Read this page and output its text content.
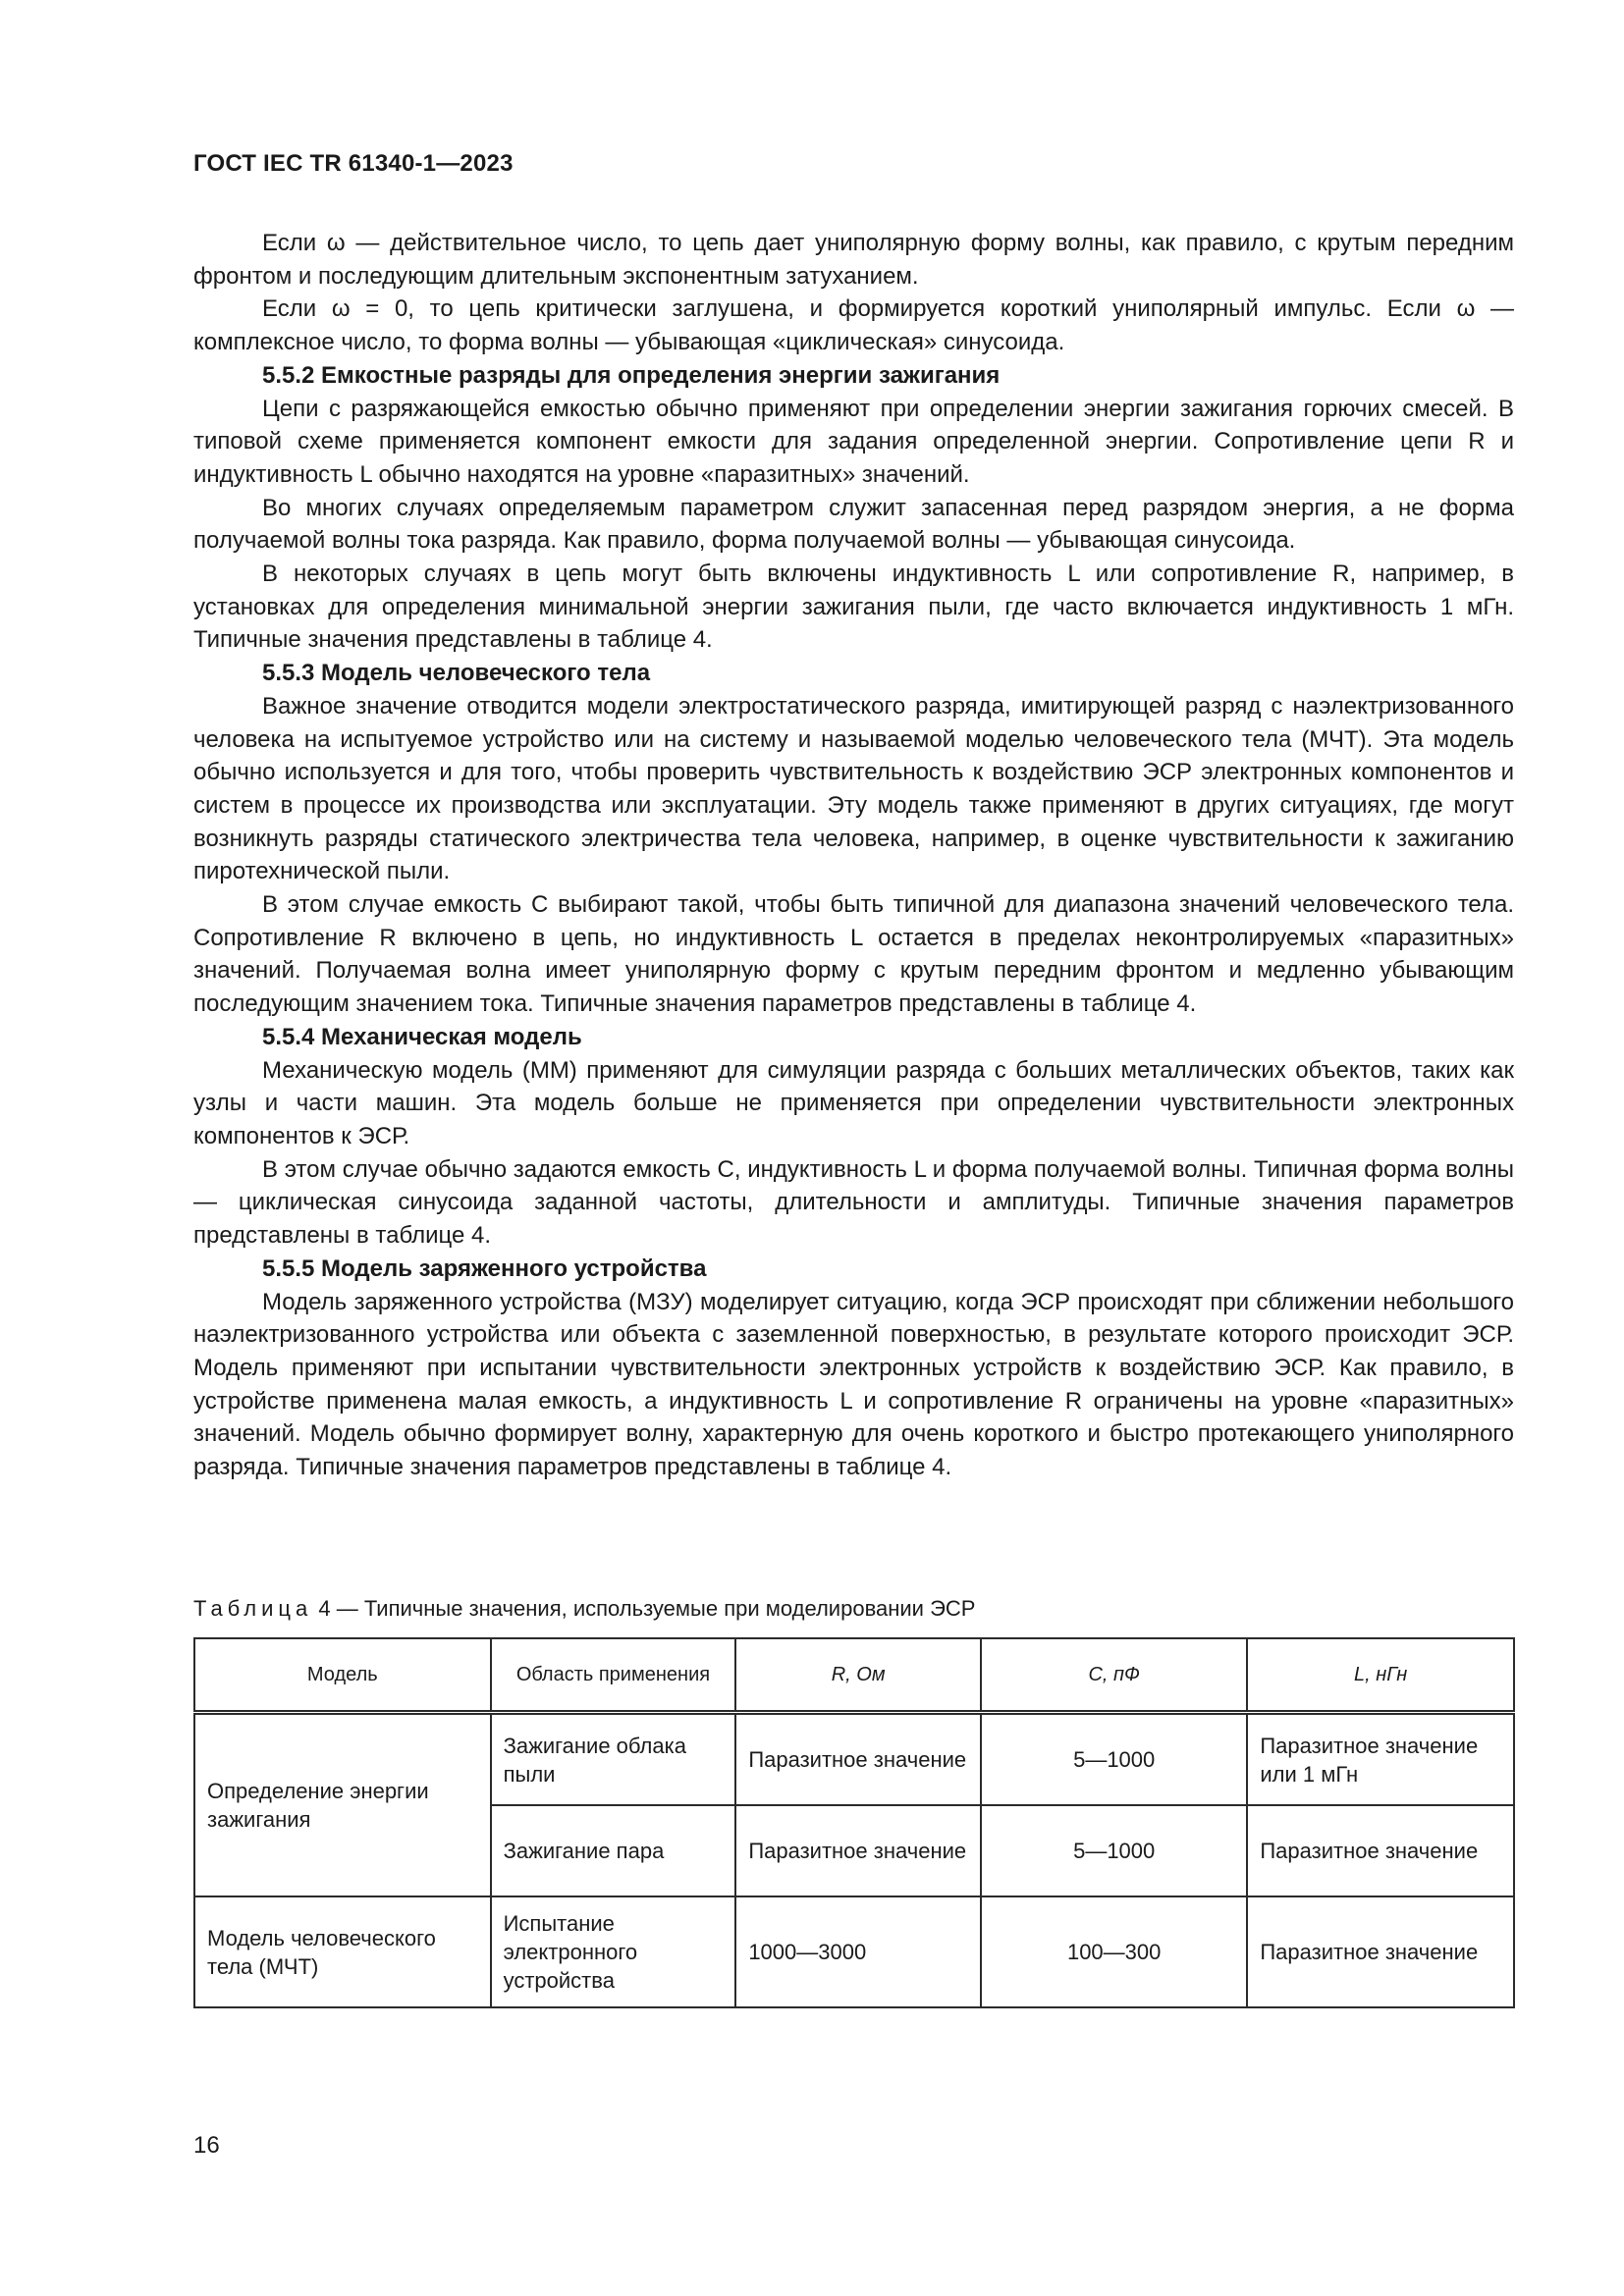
ГОСТ IEC TR 61340-1—2023

Если ω — действительное число, то цепь дает униполярную форму волны, как правило, с крутым передним фронтом и последующим длительным экспонентным затуханием.

Если ω = 0, то цепь критически заглушена, и формируется короткий униполярный импульс. Если ω — комплексное число, то форма волны — убывающая «циклическая» синусоида.

5.5.2 Емкостные разряды для определения энергии зажигания

Цепи с разряжающейся емкостью обычно применяют при определении энергии зажигания горючих смесей. В типовой схеме применяется компонент емкости для задания определенной энергии. Сопротивление цепи R и индуктивность L обычно находятся на уровне «паразитных» значений.

Во многих случаях определяемым параметром служит запасенная перед разрядом энергия, а не форма получаемой волны тока разряда. Как правило, форма получаемой волны — убывающая синусоида.

В некоторых случаях в цепь могут быть включены индуктивность L или сопротивление R, например, в установках для определения минимальной энергии зажигания пыли, где часто включается индуктивность 1 мГн. Типичные значения представлены в таблице 4.

5.5.3 Модель человеческого тела

Важное значение отводится модели электростатического разряда, имитирующей разряд с наэлектризованного человека на испытуемое устройство или на систему и называемой моделью человеческого тела (МЧТ). Эта модель обычно используется и для того, чтобы проверить чувствительность к воздействию ЭСР электронных компонентов и систем в процессе их производства или эксплуатации. Эту модель также применяют в других ситуациях, где могут возникнуть разряды статического электричества тела человека, например, в оценке чувствительности к зажиганию пиротехнической пыли.

В этом случае емкость С выбирают такой, чтобы быть типичной для диапазона значений человеческого тела. Сопротивление R включено в цепь, но индуктивность L остается в пределах неконтролируемых «паразитных» значений. Получаемая волна имеет униполярную форму с крутым передним фронтом и медленно убывающим последующим значением тока. Типичные значения параметров представлены в таблице 4.

5.5.4 Механическая модель

Механическую модель (ММ) применяют для симуляции разряда с больших металлических объектов, таких как узлы и части машин. Эта модель больше не применяется при определении чувствительности электронных компонентов к ЭСР.

В этом случае обычно задаются емкость С, индуктивность L и форма получаемой волны. Типичная форма волны — циклическая синусоида заданной частоты, длительности и амплитуды. Типичные значения параметров представлены в таблице 4.

5.5.5 Модель заряженного устройства

Модель заряженного устройства (МЗУ) моделирует ситуацию, когда ЭСР происходят при сближении небольшого наэлектризованного устройства или объекта с заземленной поверхностью, в результате которого происходит ЭСР. Модель применяют при испытании чувствительности электронных устройств к воздействию ЭСР. Как правило, в устройстве применена малая емкость, а индуктивность L и сопротивление R ограничены на уровне «паразитных» значений. Модель обычно формирует волну, характерную для очень короткого и быстро протекающего униполярного разряда. Типичные значения параметров представлены в таблице 4.

Таблица 4 — Типичные значения, используемые при моделировании ЭСР
Модель	Область применения	R, Ом	C, пФ	L, нГн
Определение энергии зажигания	Зажигание облака пыли	Паразитное значение	5—1000	Паразитное значение или 1 мГн
	Зажигание пара	Паразитное значение	5—1000	Паразитное значение
Модель человеческого тела (МЧТ)	Испытание электронного устройства	1000—3000	100—300	Паразитное значение
16
